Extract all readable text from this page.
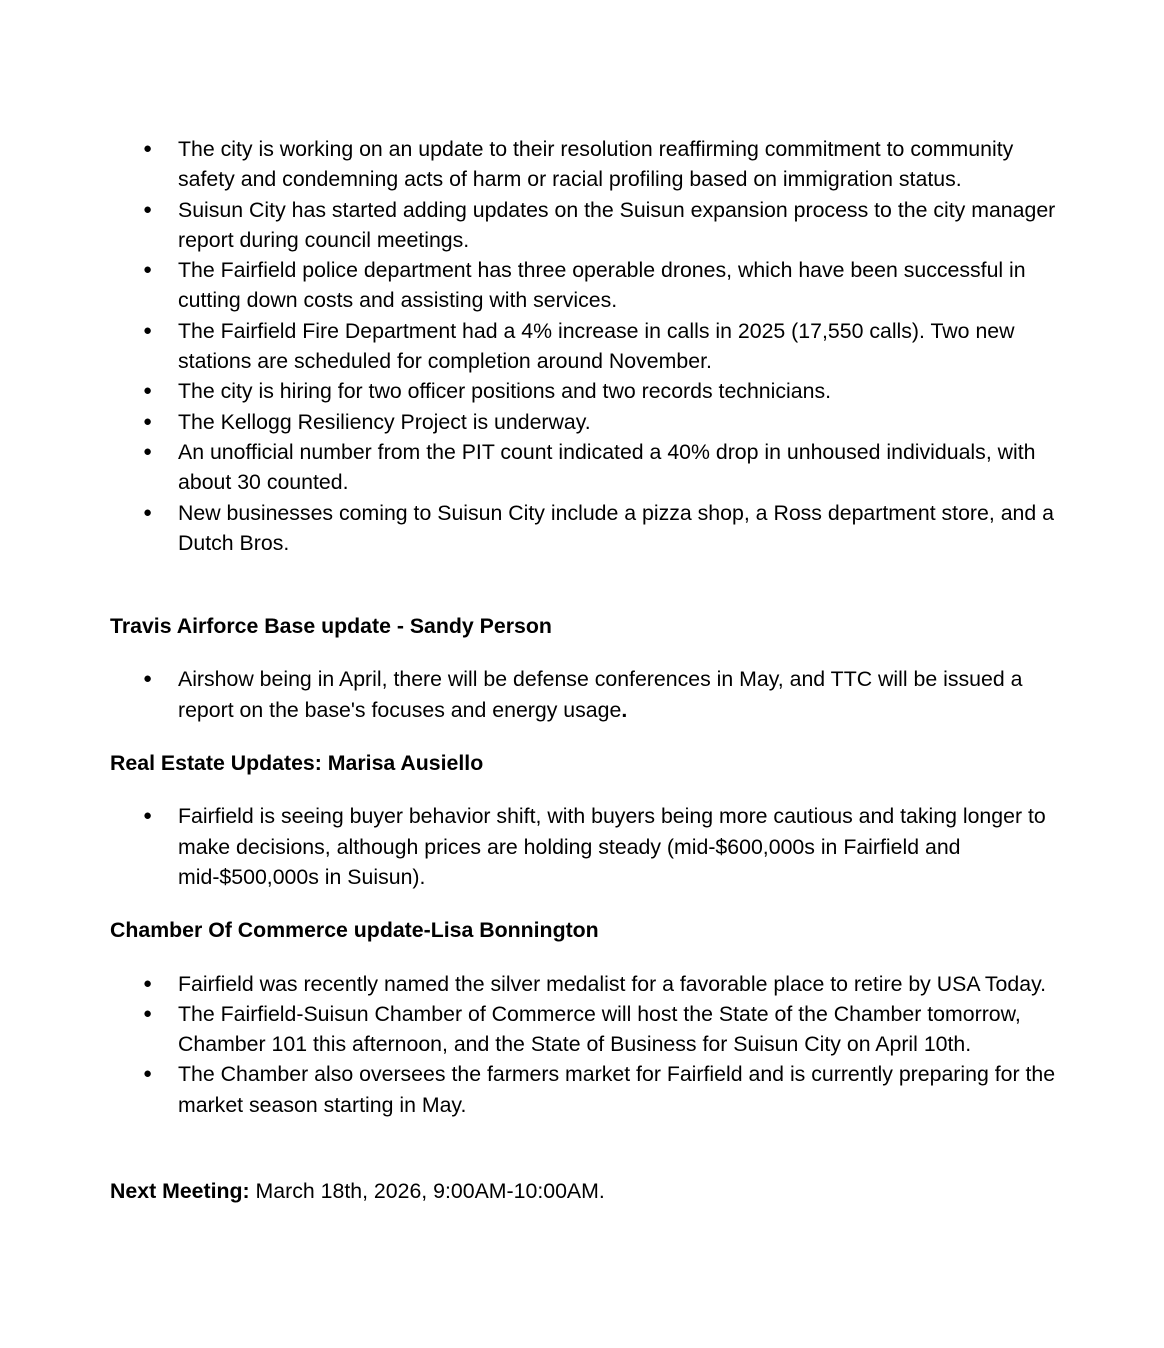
● The city is working on an update to their resolution reaffirming commitment to community safety and condemning acts of harm or racial profiling based on immigration status.
● Suisun City has started adding updates on the Suisun expansion process to the city manager report during council meetings.
● The Fairfield police department has three operable drones, which have been successful in cutting down costs and assisting with services.
● The Fairfield Fire Department had a 4% increase in calls in 2025 (17,550 calls). Two new stations are scheduled for completion around November.
● The city is hiring for two officer positions and two records technicians.
● The Kellogg Resiliency Project is underway.
● An unofficial number from the PIT count indicated a 40% drop in unhoused individuals, with about 30 counted.
● New businesses coming to Suisun City include a pizza shop, a Ross department store, and a Dutch Bros.
Travis Airforce Base update - Sandy Person
● Airshow being in April, there will be defense conferences in May, and TTC will be issued a report on the base's focuses and energy usage.
Real Estate Updates: Marisa Ausiello
● Fairfield is seeing buyer behavior shift, with buyers being more cautious and taking longer to make decisions, although prices are holding steady (mid-$600,000s in Fairfield and mid-$500,000s in Suisun).
Chamber Of Commerce update-Lisa Bonnington
● Fairfield was recently named the silver medalist for a favorable place to retire by USA Today.
● The Fairfield-Suisun Chamber of Commerce will host the State of the Chamber tomorrow, Chamber 101 this afternoon, and the State of Business for Suisun City on April 10th.
● The Chamber also oversees the farmers market for Fairfield and is currently preparing for the market season starting in May.

Next Meeting: March 18th, 2026, 9:00AM-10:00AM.
